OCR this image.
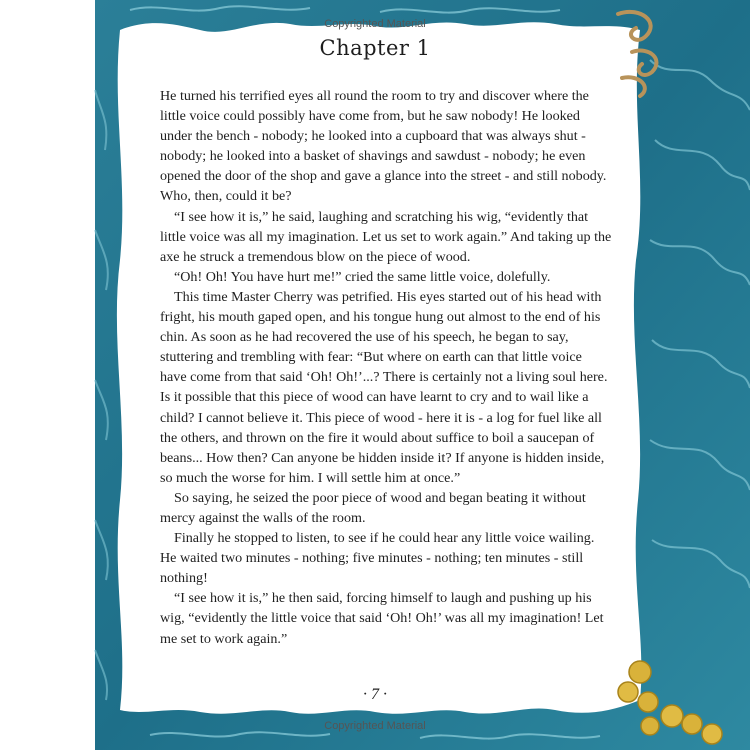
Copyrighted Material
Chapter 1

He turned his terrified eyes all round the room to try and discover where the little voice could possibly have come from, but he saw nobody! He looked under the bench - nobody; he looked into a cupboard that was always shut - nobody; he looked into a basket of shavings and sawdust - nobody; he even opened the door of the shop and gave a glance into the street - and still nobody. Who, then, could it be?

“I see how it is,” he said, laughing and scratching his wig, “evidently that little voice was all my imagination. Let us set to work again.” And taking up the axe he struck a tremendous blow on the piece of wood.

“Oh! Oh! You have hurt me!” cried the same little voice, dolefully.

This time Master Cherry was petrified. His eyes started out of his head with fright, his mouth gaped open, and his tongue hung out almost to the end of his chin. As soon as he had recovered the use of his speech, he began to say, stuttering and trembling with fear: “But where on earth can that little voice have come from that said ‘Oh! Oh!’...? There is certainly not a living soul here. Is it possible that this piece of wood can have learnt to cry and to wail like a child? I cannot believe it. This piece of wood - here it is - a log for fuel like all the others, and thrown on the fire it would about suffice to boil a saucepan of beans... How then? Can anyone be hidden inside it? If anyone is hidden inside, so much the worse for him. I will settle him at once.”

So saying, he seized the poor piece of wood and began beating it without mercy against the walls of the room.

Finally he stopped to listen, to see if he could hear any little voice wailing. He waited two minutes - nothing; five minutes - nothing; ten minutes - still nothing!

“I see how it is,” he then said, forcing himself to laugh and pushing up his wig, “evidently the little voice that said ‘Oh! Oh!’ was all my imagination! Let me set to work again.”

· 7 ·
Copyrighted Material
